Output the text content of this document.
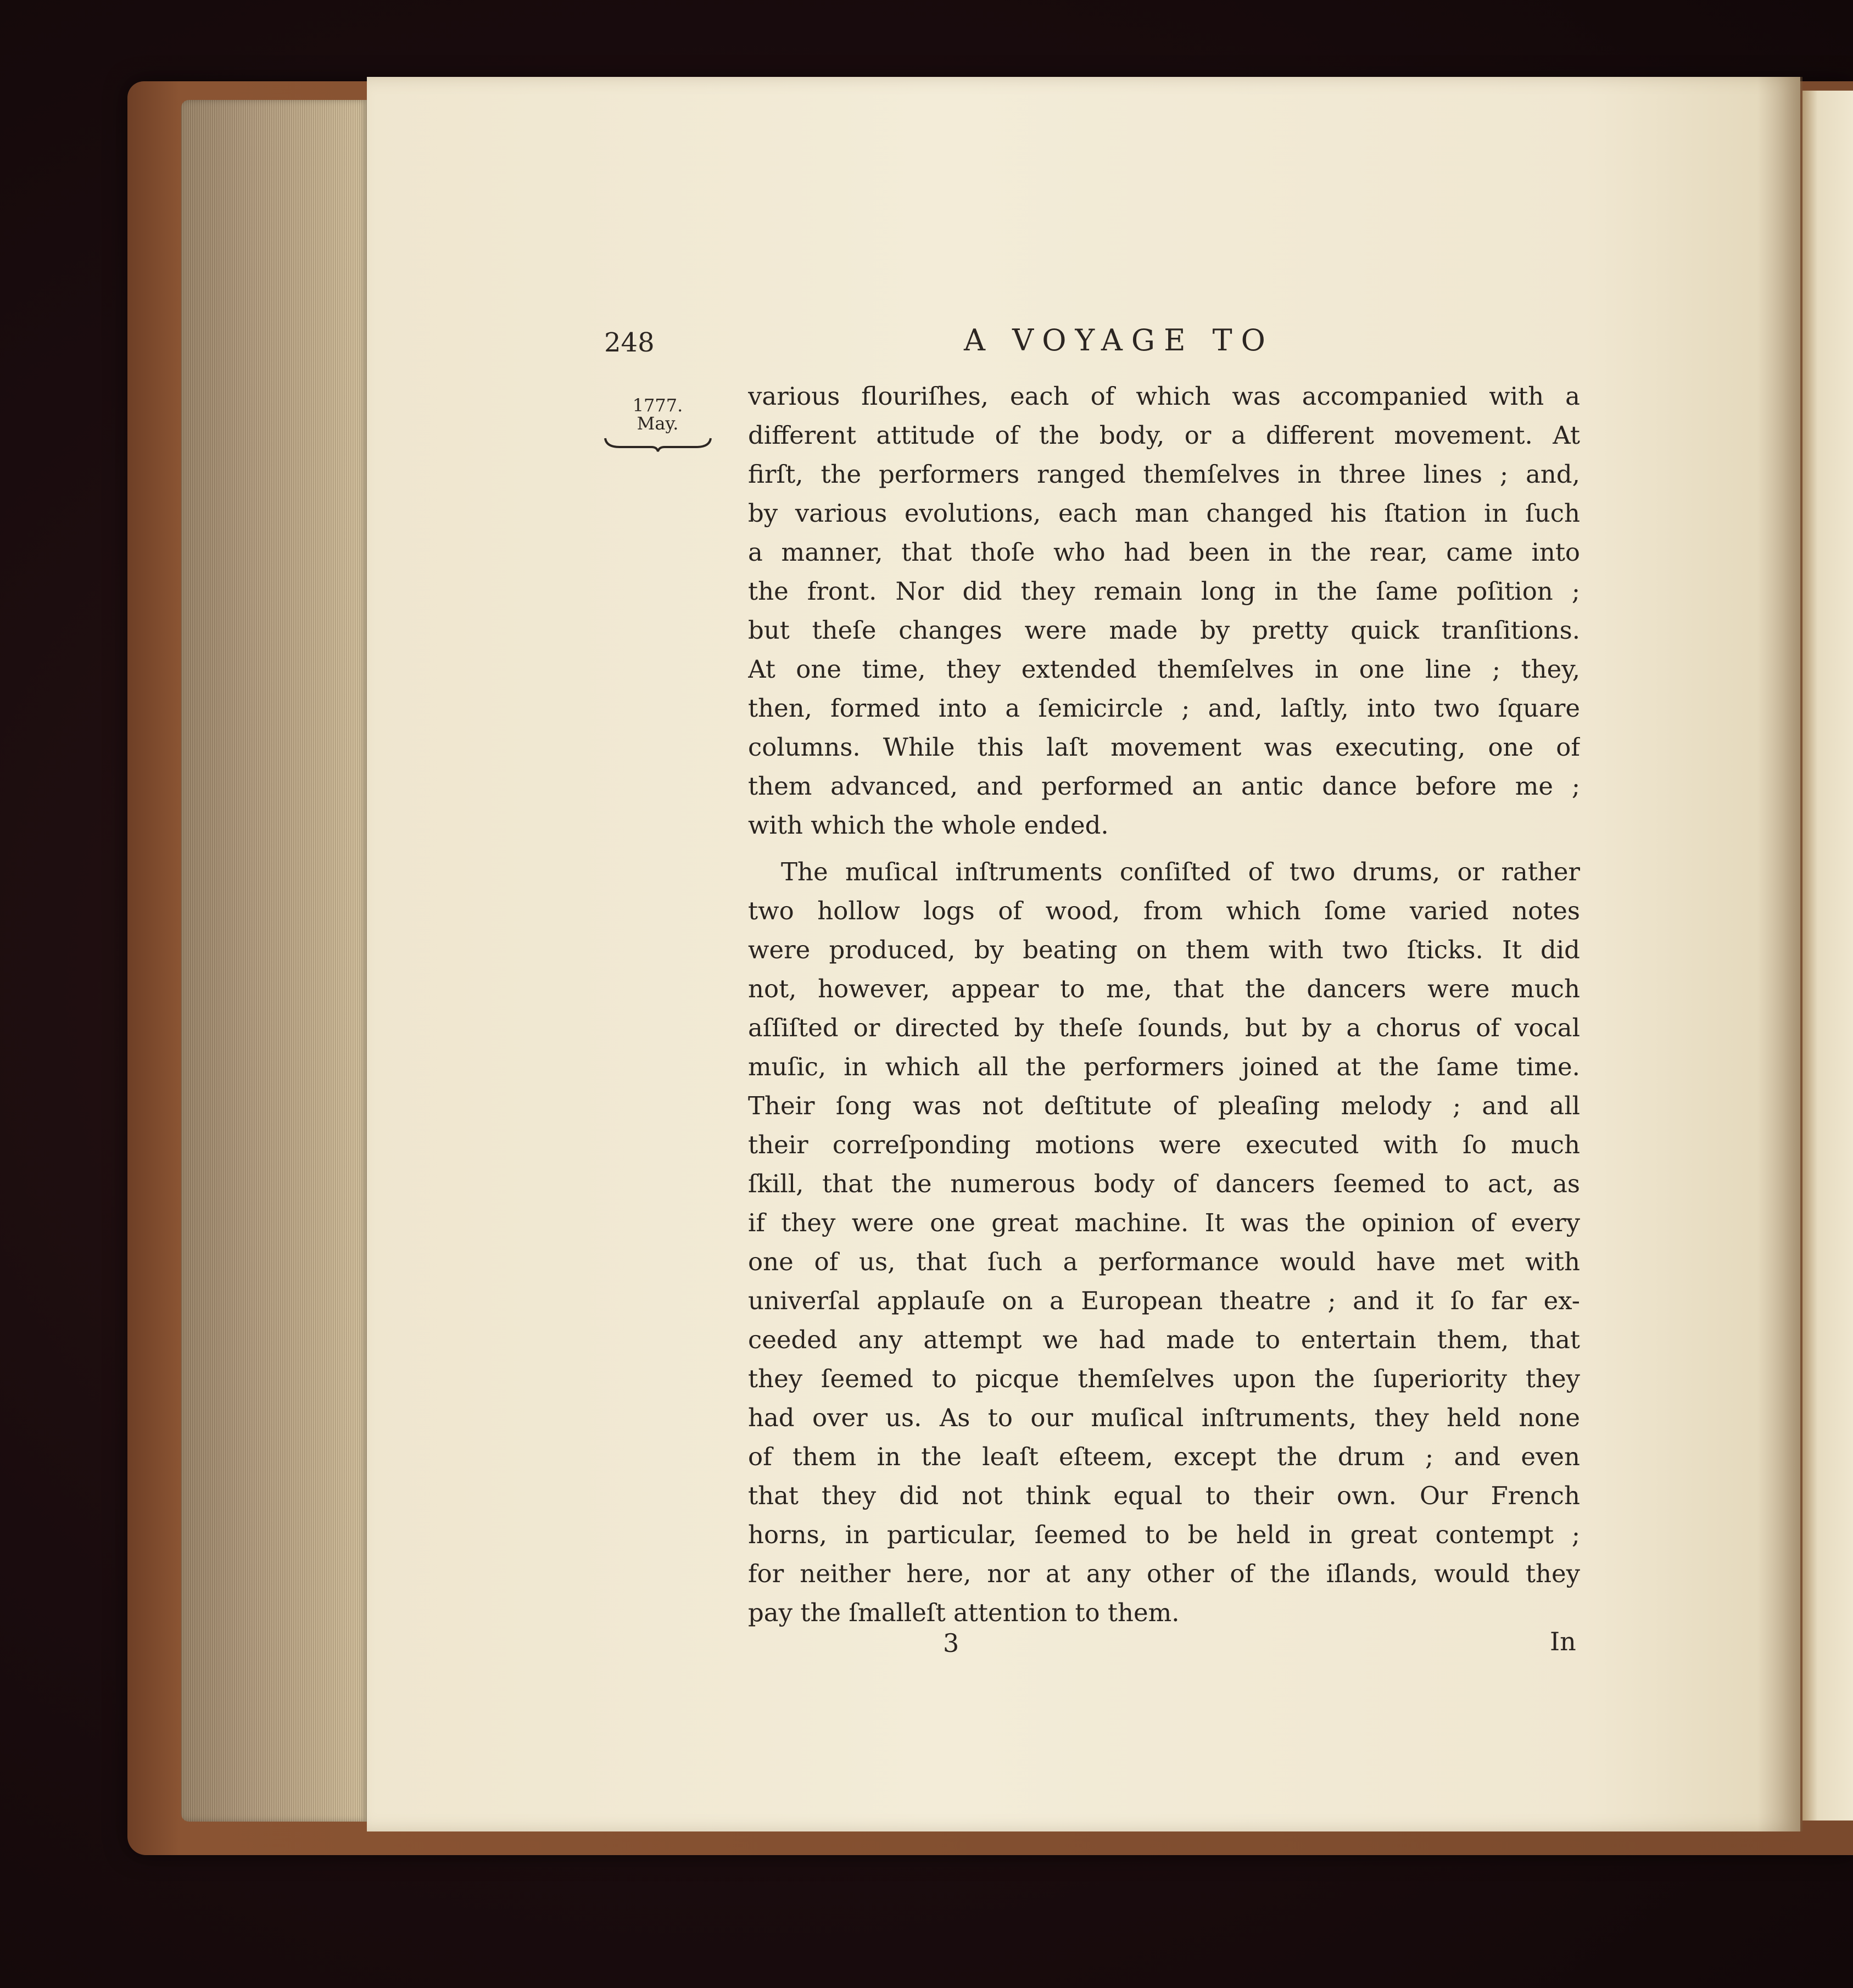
248	A VOYAGE TO
1777.
May.
various flouriſhes, each of which was accompanied with a
different attitude of the body, or a different movement. At
firſt, the performers ranged themſelves in three lines ; and,
by various evolutions, each man changed his ſtation in ſuch
a manner, that thoſe who had been in the rear, came into
the front. Nor did they remain long in the ſame poſition ;
but theſe changes were made by pretty quick tranſitions.
At one time, they extended themſelves in one line ; they,
then, formed into a ſemicircle ; and, laſtly, into two ſquare
columns. While this laſt movement was executing, one of
them advanced, and performed an antic dance before me ;
with which the whole ended.
The muſical inſtruments conſiſted of two drums, or rather
two hollow logs of wood, from which ſome varied notes
were produced, by beating on them with two ſticks. It did
not, however, appear to me, that the dancers were much
aſſiſted or directed by theſe ſounds, but by a chorus of vocal
muſic, in which all the performers joined at the ſame time.
Their ſong was not deſtitute of pleaſing melody ; and all
their correſponding motions were executed with ſo much
ſkill, that the numerous body of dancers ſeemed to act, as
if they were one great machine. It was the opinion of every
one of us, that ſuch a performance would have met with
univerſal applauſe on a European theatre ; and it ſo far ex-
ceeded any attempt we had made to entertain them, that
they ſeemed to picque themſelves upon the ſuperiority they
had over us. As to our muſical inſtruments, they held none
of them in the leaſt eſteem, except the drum ; and even
that they did not think equal to their own. Our French
horns, in particular, ſeemed to be held in great contempt ;
for neither here, nor at any other of the iſlands, would they
pay the ſmalleſt attention to them.
3	In
